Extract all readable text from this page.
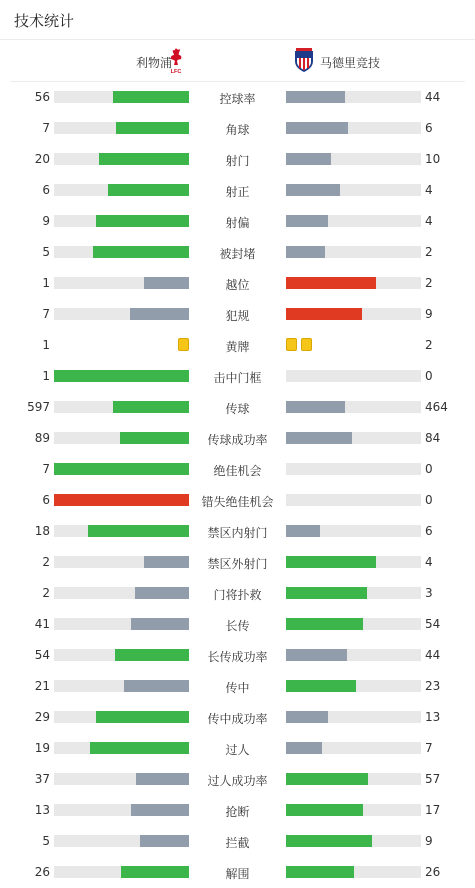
技术统计
利物浦
LFC
马德里竞技
56	控球率	44
7	角球	6
20	射门	10
6	射正	4
9	射偏	4
5	被封堵	2
1	越位	2
7	犯规	9
1	黄牌	2
1	击中门框	0
597	传球	464
89	传球成功率	84
7	绝佳机会	0
6	错失绝佳机会	0
18	禁区内射门	6
2	禁区外射门	4
2	门将扑救	3
41	长传	54
54	长传成功率	44
21	传中	23
29	传中成功率	13
19	过人	7
37	过人成功率	57
13	抢断	17
5	拦截	9
26	解围	26
